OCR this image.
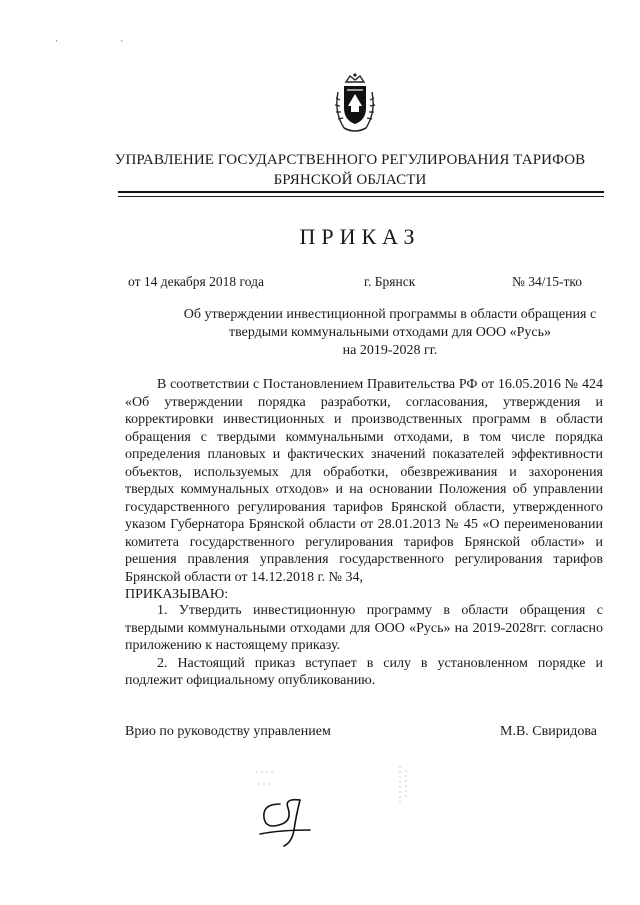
· ·
УПРАВЛЕНИЕ ГОСУДАРСТВЕННОГО РЕГУЛИРОВАНИЯ ТАРИФОВ
БРЯНСКОЙ ОБЛАСТИ
ПРИКАЗ
от 14 декабря 2018 года	г. Брянск	№ 34/15-тко
Об утверждении инвестиционной программы в области обращения с
твердыми коммунальными отходами для ООО «Русь»
на 2019-2028 гг.

В соответствии с Постановлением Правительства РФ от 16.05.2016 № 424 «Об утверждении порядка разработки, согласования, утверждения и корректировки инвестиционных и производственных программ в области обращения с твердыми коммунальными отходами, в том числе порядка определения плановых и фактических значений показателей эффективности объектов, используемых для обработки, обезвреживания и захоронения твердых коммунальных отходов» и на основании Положения об управлении государственного регулирования тарифов Брянской области, утвержденного указом Губернатора Брянской области от 28.01.2013 № 45 «О переименовании комитета государственного регулирования тарифов Брянской области» и решения правления управления государственного регулирования тарифов Брянской области от 14.12.2018 г. № 34,

ПРИКАЗЫВАЮ:

1. Утвердить инвестиционную программу в области обращения с твердыми коммунальными отходами для ООО «Русь» на 2019-2028гг. согласно приложению к настоящему приказу.

2. Настоящий приказ вступает в силу в установленном порядке и подлежит официальному опубликованию.

Врио по руководству управлением	М.В. Свиридова
